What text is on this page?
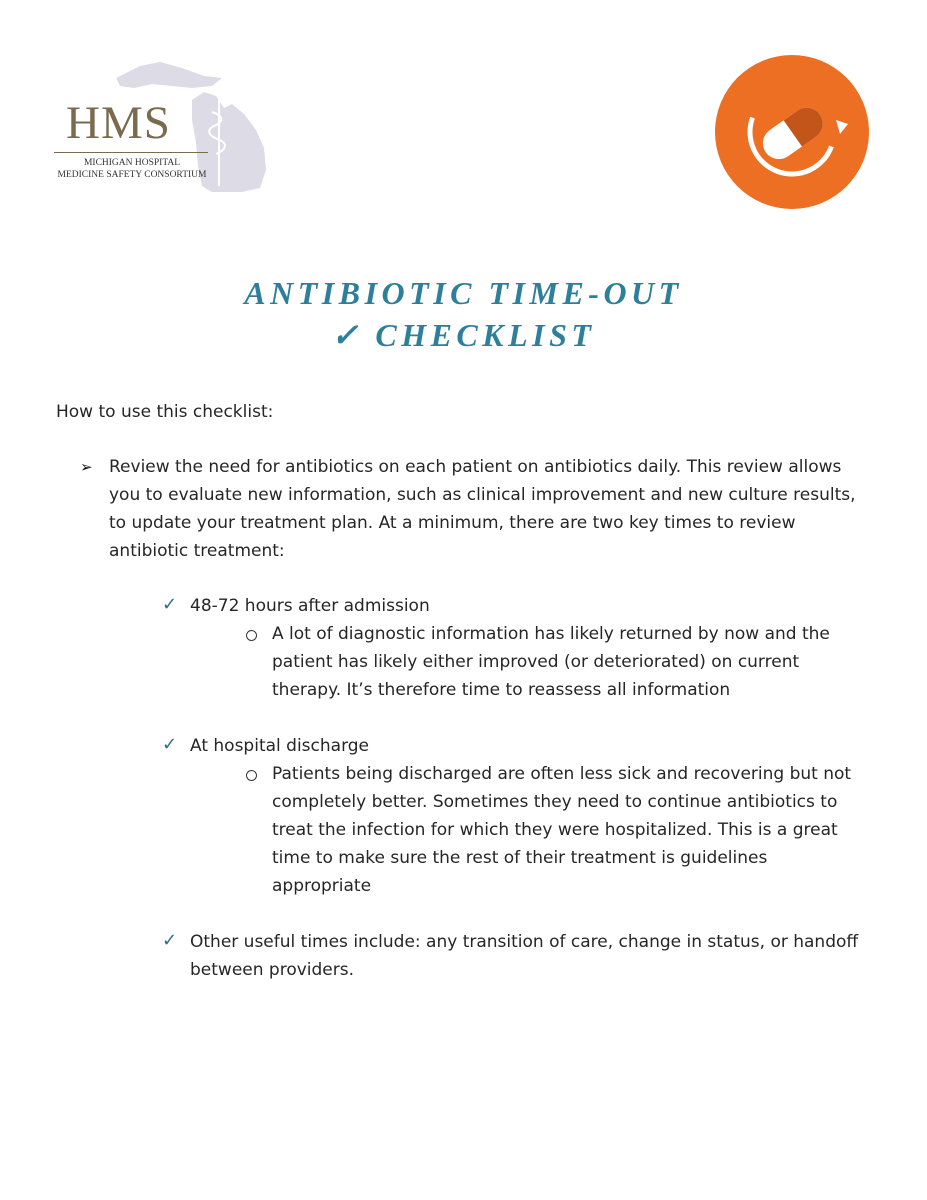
HMS
MICHIGAN HOSPITAL
MEDICINE SAFETY CONSORTIUM
ANTIBIOTIC TIME-OUT
✓ CHECKLIST
How to use this checklist:
➢ Review the need for antibiotics on each patient on antibiotics daily. This review allows
you to evaluate new information, such as clinical improvement and new culture results,
to update your treatment plan. At a minimum, there are two key times to review
antibiotic treatment:
✓ 48-72 hours after admission
A lot of diagnostic information has likely returned by now and the
patient has likely either improved (or deteriorated) on current
therapy. It’s therefore time to reassess all information
✓ At hospital discharge
Patients being discharged are often less sick and recovering but not
completely better. Sometimes they need to continue antibiotics to
treat the infection for which they were hospitalized. This is a great
time to make sure the rest of their treatment is guidelines
appropriate
✓ Other useful times include: any transition of care, change in status, or handoff
between providers.
